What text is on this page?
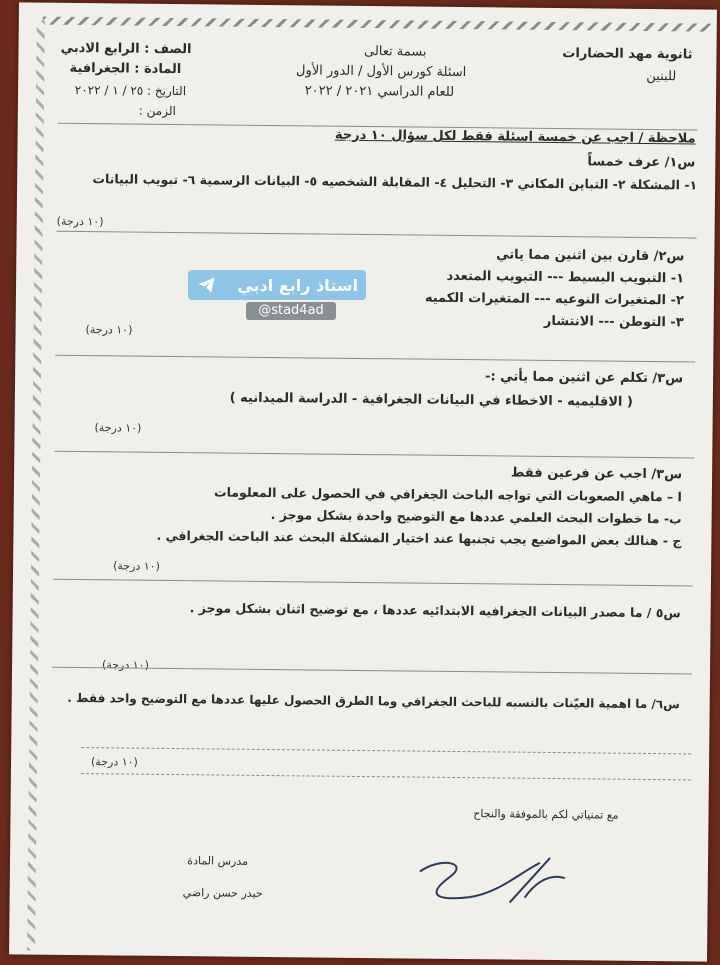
ثانوية مهد الحضارات
للبنين
بسمة تعالى
اسئلة كورس الأول / الدور الأول
للعام الدراسي ٢٠٢١ / ٢٠٢٢
الصف : الرابع الادبي
المادة : الجغرافية
التاريخ : ٢٥ / ١ / ٢٠٢٢
الزمن :
ملاحظة / اجب عن خمسة اسئلة فقط لكل سؤال ١٠ درجة
س١/ عرف خمساً
١- المشكلة ٢- التباين المكاني ٣- التحليل ٤- المقابلة الشخصيه ٥- البيانات الرسمية ٦- تبويب البيانات
(١٠ درجة)
س٢/ قارن بين اثنين مما ياتي
١- التبويب البسيط --- التبويب المتعدد
٢- المتغيرات النوعيه --- المتغيرات الكميه
٣- التوطن --- الانتشار
(١٠ درجة)
س٣/ تكلم عن اثنين مما يأتي :-
( الاقليميه - الاخطاء في البيانات الجغرافية - الدراسة الميدانيه )
(١٠ درجة)
س٣/ اجب عن فرعين فقط
ا – ماهي الصعوبات التي تواجه الباحث الجغرافي في الحصول على المعلومات
ب- ما خطوات البحث العلمي عددها مع التوضيح واحدة بشكل موجز .
ج - هنالك بعض المواضيع يجب تجنبها عند اختيار المشكلة البحث عند الباحث الجغرافي .
(١٠ درجة)
س٥ / ما مصدر البيانات الجغرافيه الابتدائيه عددها ، مع توضيح اثنان بشكل موجز .
(١٠ درجة)
س٦/ ما اهمية العيّنات بالنسبه للباحث الجغرافي وما الطرق الحصول عليها عددها مع التوضيح واحد فقط .
(١٠ درجة)
مع تمنياتي لكم بالموفقة والنجاح
مدرس المادة
حيدر حسن راضي
استاذ رابع ادبي
@stad4ad
